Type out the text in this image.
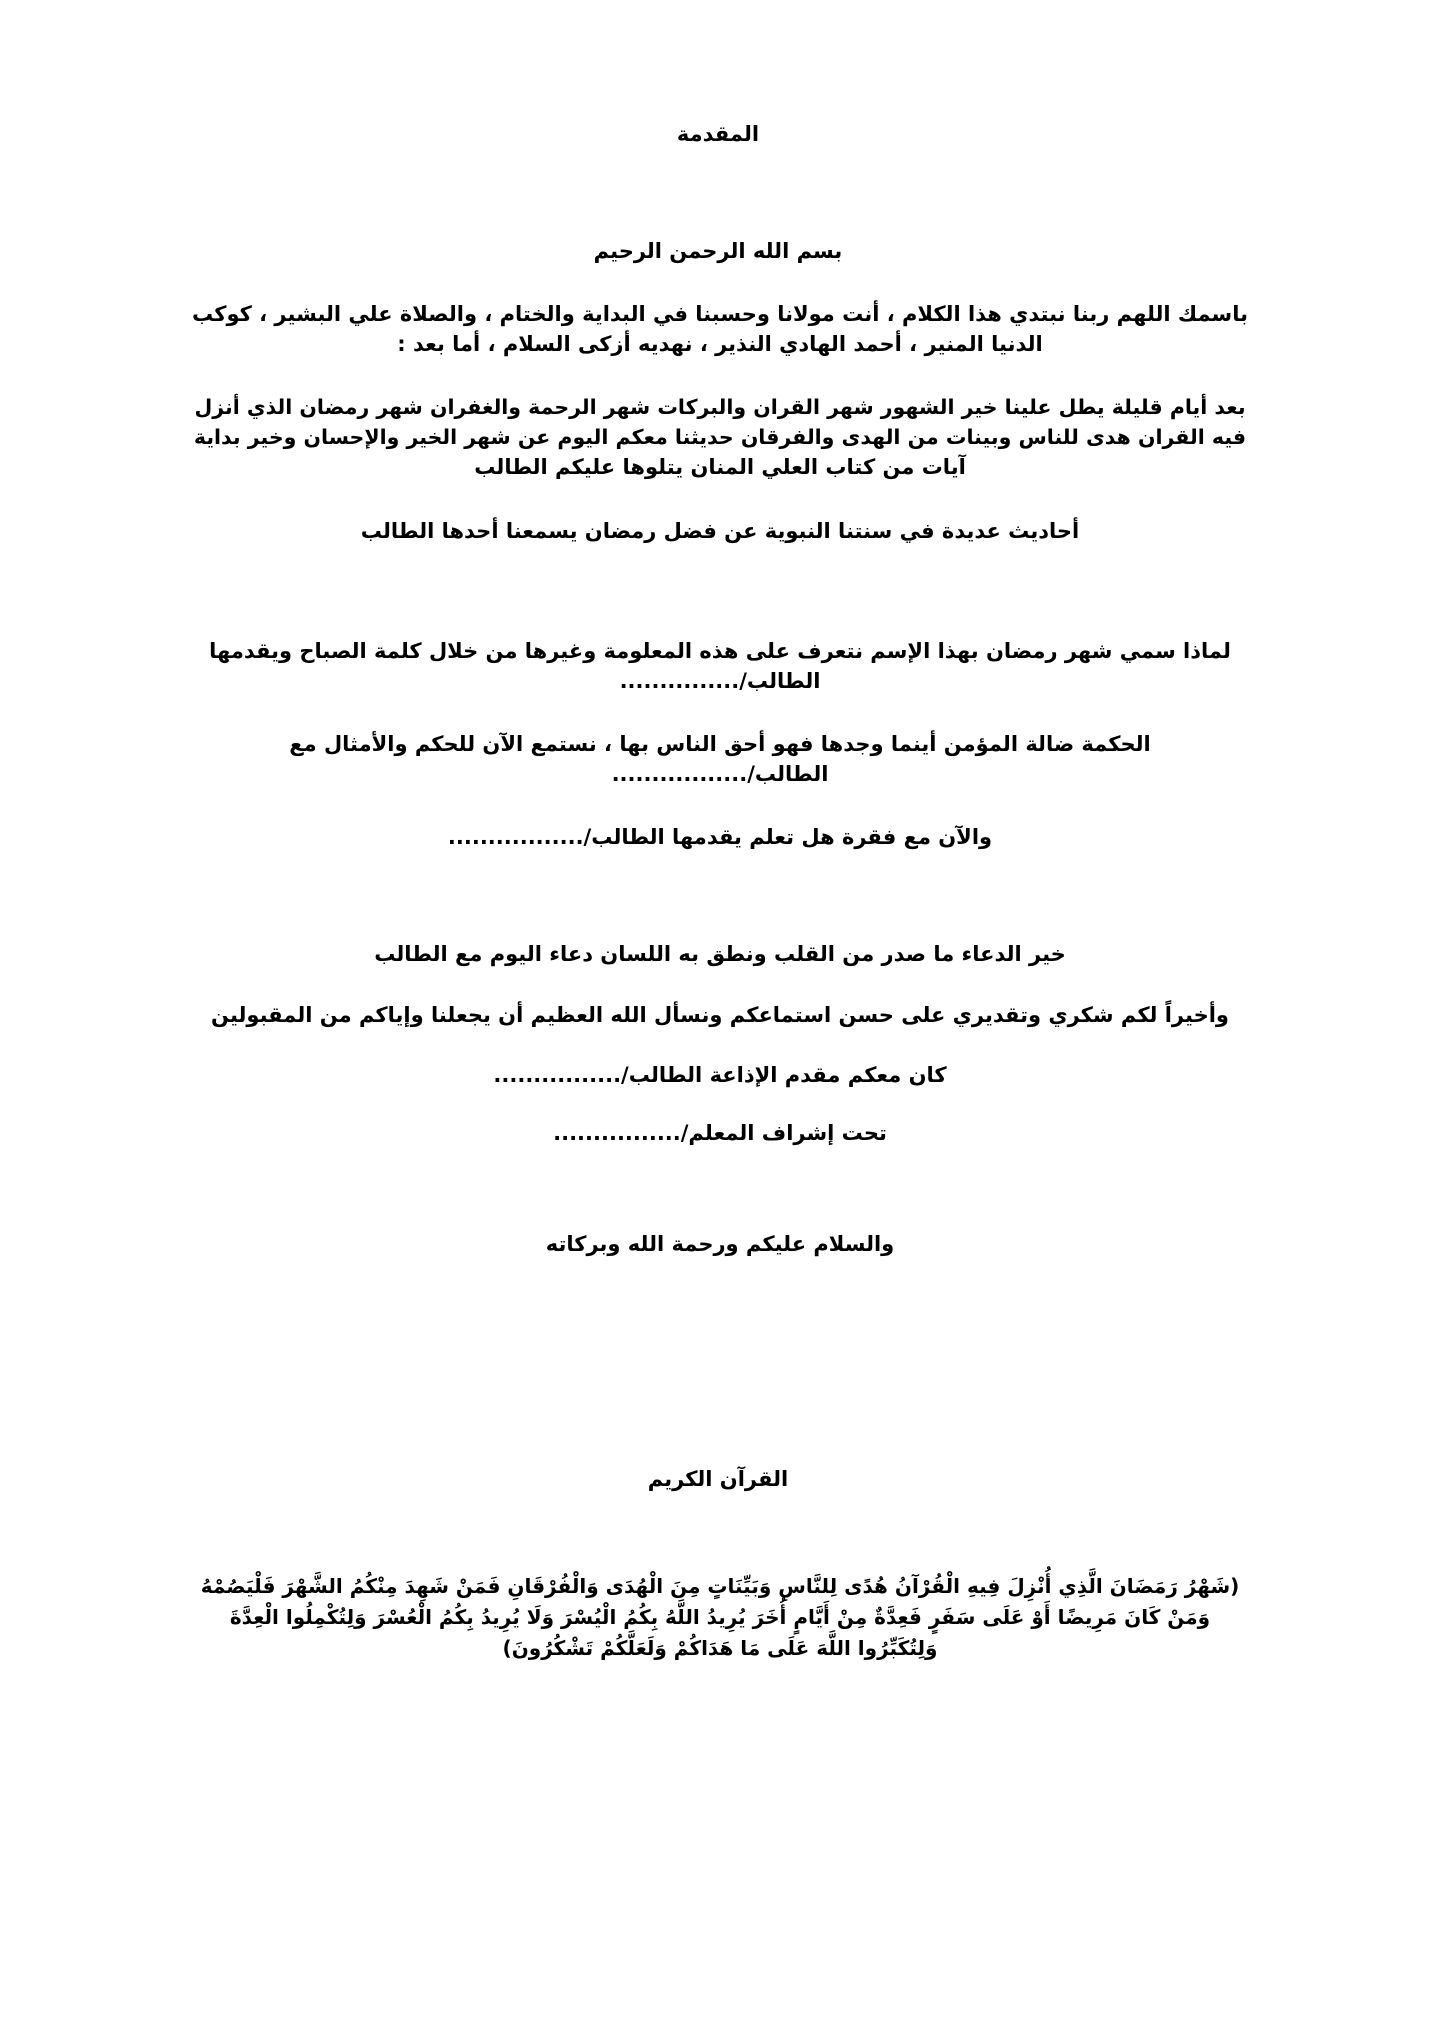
المقدمة
بسم الله الرحمن الرحيم
باسمك اللهم ربنا نبتدي هذا الكلام ، أنت مولانا وحسبنا في البداية والختام ، والصلاة علي البشير ، كوكب
الدنيا المنير ، أحمد الهادي النذير ، نهديه أزكى السلام ، أما بعد :
بعد أيام قليلة يطل علينا خير الشهور شهر القران والبركات شهر الرحمة والغفران شهر رمضان الذي أنزل
فيه القران هدى للناس وبينات من الهدى والفرقان حديثنا معكم اليوم عن شهر الخير والإحسان وخير بداية
آيات من كتاب العلي المنان يتلوها عليكم الطالب
أحاديث عديدة في سنتنا النبوية عن فضل رمضان يسمعنا أحدها الطالب
لماذا سمي شهر رمضان بهذا الإسم نتعرف على هذه المعلومة وغيرها من خلال كلمة الصباح ويقدمها
الطالب/...............
الحكمة ضالة المؤمن أينما وجدها فهو أحق الناس بها ، نستمع الآن للحكم والأمثال مع
الطالب/.................
والآن مع فقرة هل تعلم يقدمها الطالب/.................
خير الدعاء ما صدر من القلب ونطق به اللسان دعاء اليوم مع الطالب
وأخيراً لكم شكري وتقديري على حسن استماعكم ونسأل الله العظيم أن يجعلنا وإياكم من المقبولين
كان معكم مقدم الإذاعة الطالب/................
تحت إشراف المعلم/................
والسلام عليكم ورحمة الله وبركاته
القرآن الكريم
(شَهْرُ رَمَضَانَ الَّذِي أُنْزِلَ فِيهِ الْقُرْآنُ هُدًى لِلنَّاسِ وَبَيِّنَاتٍ مِنَ الْهُدَى وَالْفُرْقَانِ فَمَنْ شَهِدَ مِنْكُمُ الشَّهْرَ فَلْيَصُمْهُ
وَمَنْ كَانَ مَرِيضًا أَوْ عَلَى سَفَرٍ فَعِدَّةٌ مِنْ أَيَّامٍ أُخَرَ يُرِيدُ اللَّهُ بِكُمُ الْيُسْرَ وَلَا يُرِيدُ بِكُمُ الْعُسْرَ وَلِتُكْمِلُوا الْعِدَّةَ
وَلِتُكَبِّرُوا اللَّهَ عَلَى مَا هَدَاكُمْ وَلَعَلَّكُمْ تَشْكُرُونَ)
